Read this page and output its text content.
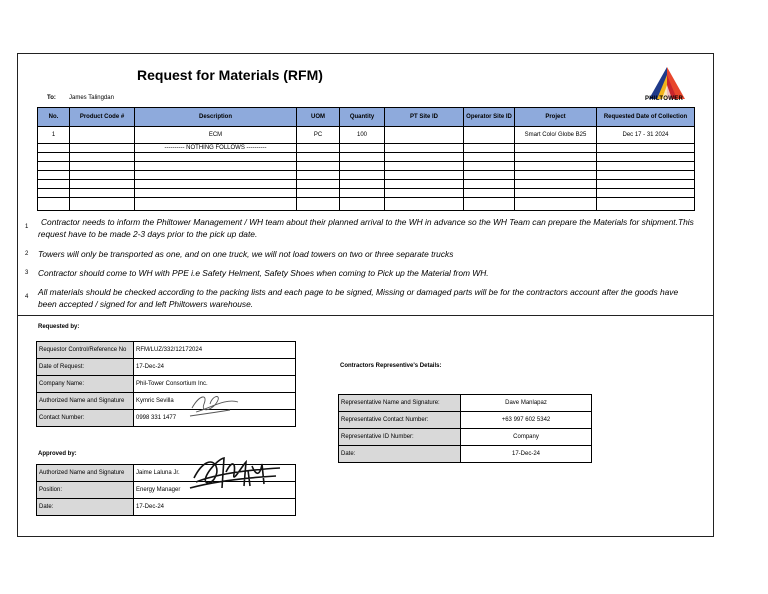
Request for Materials (RFM)
PHILTOWER
To: James Talingdan
No.	Product Code #	Description	UOM	Quantity	PT Site ID	Operator Site ID	Project	Requested Date of Collection
1		ECM	PC	100			Smart Colo/ Globe B25	Dec 17 - 31 2024
		---------- NOTHING FOLLOWS ----------						

1	Contractor needs to inform the Philtower Management / WH team about their planned arrival to the WH in advance so the WH Team can prepare the Materials for shipment.This request have to be made 2-3 days prior to the pick up date.
2 Towers will only be transported as one, and on one truck, we will not load towers on two or three separate trucks
3 Contractor should come to WH with PPE i.e Safety Helment, Safety Shoes when coming to Pick up the Material from WH.
4 All materials should be checked according to the packing lists and each page to be signed, Missing or damaged parts will be for the contractors account after the goods have been accepted / signed for and left Philtowers warehouse.
Requested by:
Requestor Control/Reference No	RFM/LUZ/332/12172024
Date of Request:	17-Dec-24
Company Name:	Phil-Tower Consortium Inc.
Authorized Name and Signature	Kymric Sevilla
Contact Number:	0998 331 1477
Approved by:
Authorized Name and Signature	Jaime Laluna Jr.
Position:	Energy Manager
Date:	17-Dec-24
Contractors Representive's Details:
Representative Name and Signature:	Dave Manlapaz
Representative Contact Number:	+63 997 602 5342
Representative ID Number:	Company
Date:	17-Dec-24
